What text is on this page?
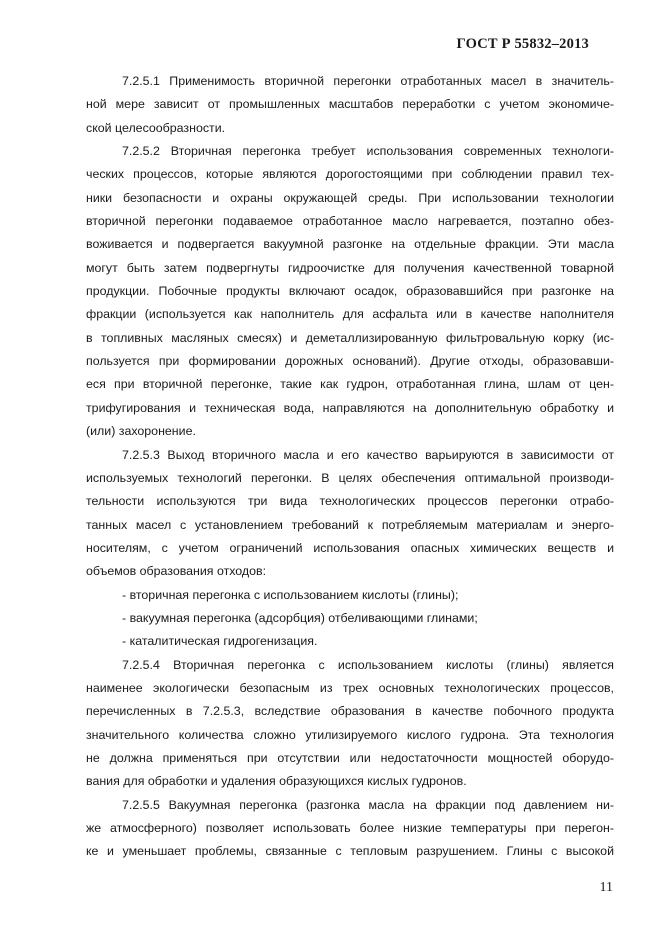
ГОСТ Р 55832–2013
7.2.5.1 Применимость вторичной перегонки отработанных масел в значитель-
ной мере зависит от промышленных масштабов переработки с учетом экономиче-
ской целесообразности.
7.2.5.2 Вторичная перегонка требует использования современных технологи-
ческих процессов, которые являются дорогостоящими при соблюдении правил тех-
ники безопасности и охраны окружающей среды. При использовании технологии
вторичной перегонки подаваемое отработанное масло нагревается, поэтапно обез-
воживается и подвергается вакуумной разгонке на отдельные фракции. Эти масла
могут быть затем подвергнуты гидроочистке для получения качественной товарной
продукции. Побочные продукты включают осадок, образовавшийся при разгонке на
фракции (используется как наполнитель для асфальта или в качестве наполнителя
в топливных масляных смесях) и деметаллизированную фильтровальную корку (ис-
пользуется при формировании дорожных оснований). Другие отходы, образовавши-
еся при вторичной перегонке, такие как гудрон, отработанная глина, шлам от цен-
трифугирования и техническая вода, направляются на дополнительную обработку и
(или) захоронение.
7.2.5.3 Выход вторичного масла и его качество варьируются в зависимости от
используемых технологий перегонки. В целях обеспечения оптимальной производи-
тельности используются три вида технологических процессов перегонки отрабо-
танных масел с установлением требований к потребляемым материалам и энерго-
носителям, с учетом ограничений использования опасных химических веществ и
объемов образования отходов:
- вторичная перегонка с использованием кислоты (глины);
- вакуумная перегонка (адсорбция) отбеливающими глинами;
- каталитическая гидрогенизация.
7.2.5.4 Вторичная перегонка с использованием кислоты (глины) является
наименее экологически безопасным из трех основных технологических процессов,
перечисленных в 7.2.5.3, вследствие образования в качестве побочного продукта
значительного количества сложно утилизируемого кислого гудрона. Эта технология
не должна применяться при отсутствии или недостаточности мощностей оборудо-
вания для обработки и удаления образующихся кислых гудронов.
7.2.5.5 Вакуумная перегонка (разгонка масла на фракции под давлением ни-
же атмосферного) позволяет использовать более низкие температуры при перегон-
ке и уменьшает проблемы, связанные с тепловым разрушением. Глины с высокой
11
